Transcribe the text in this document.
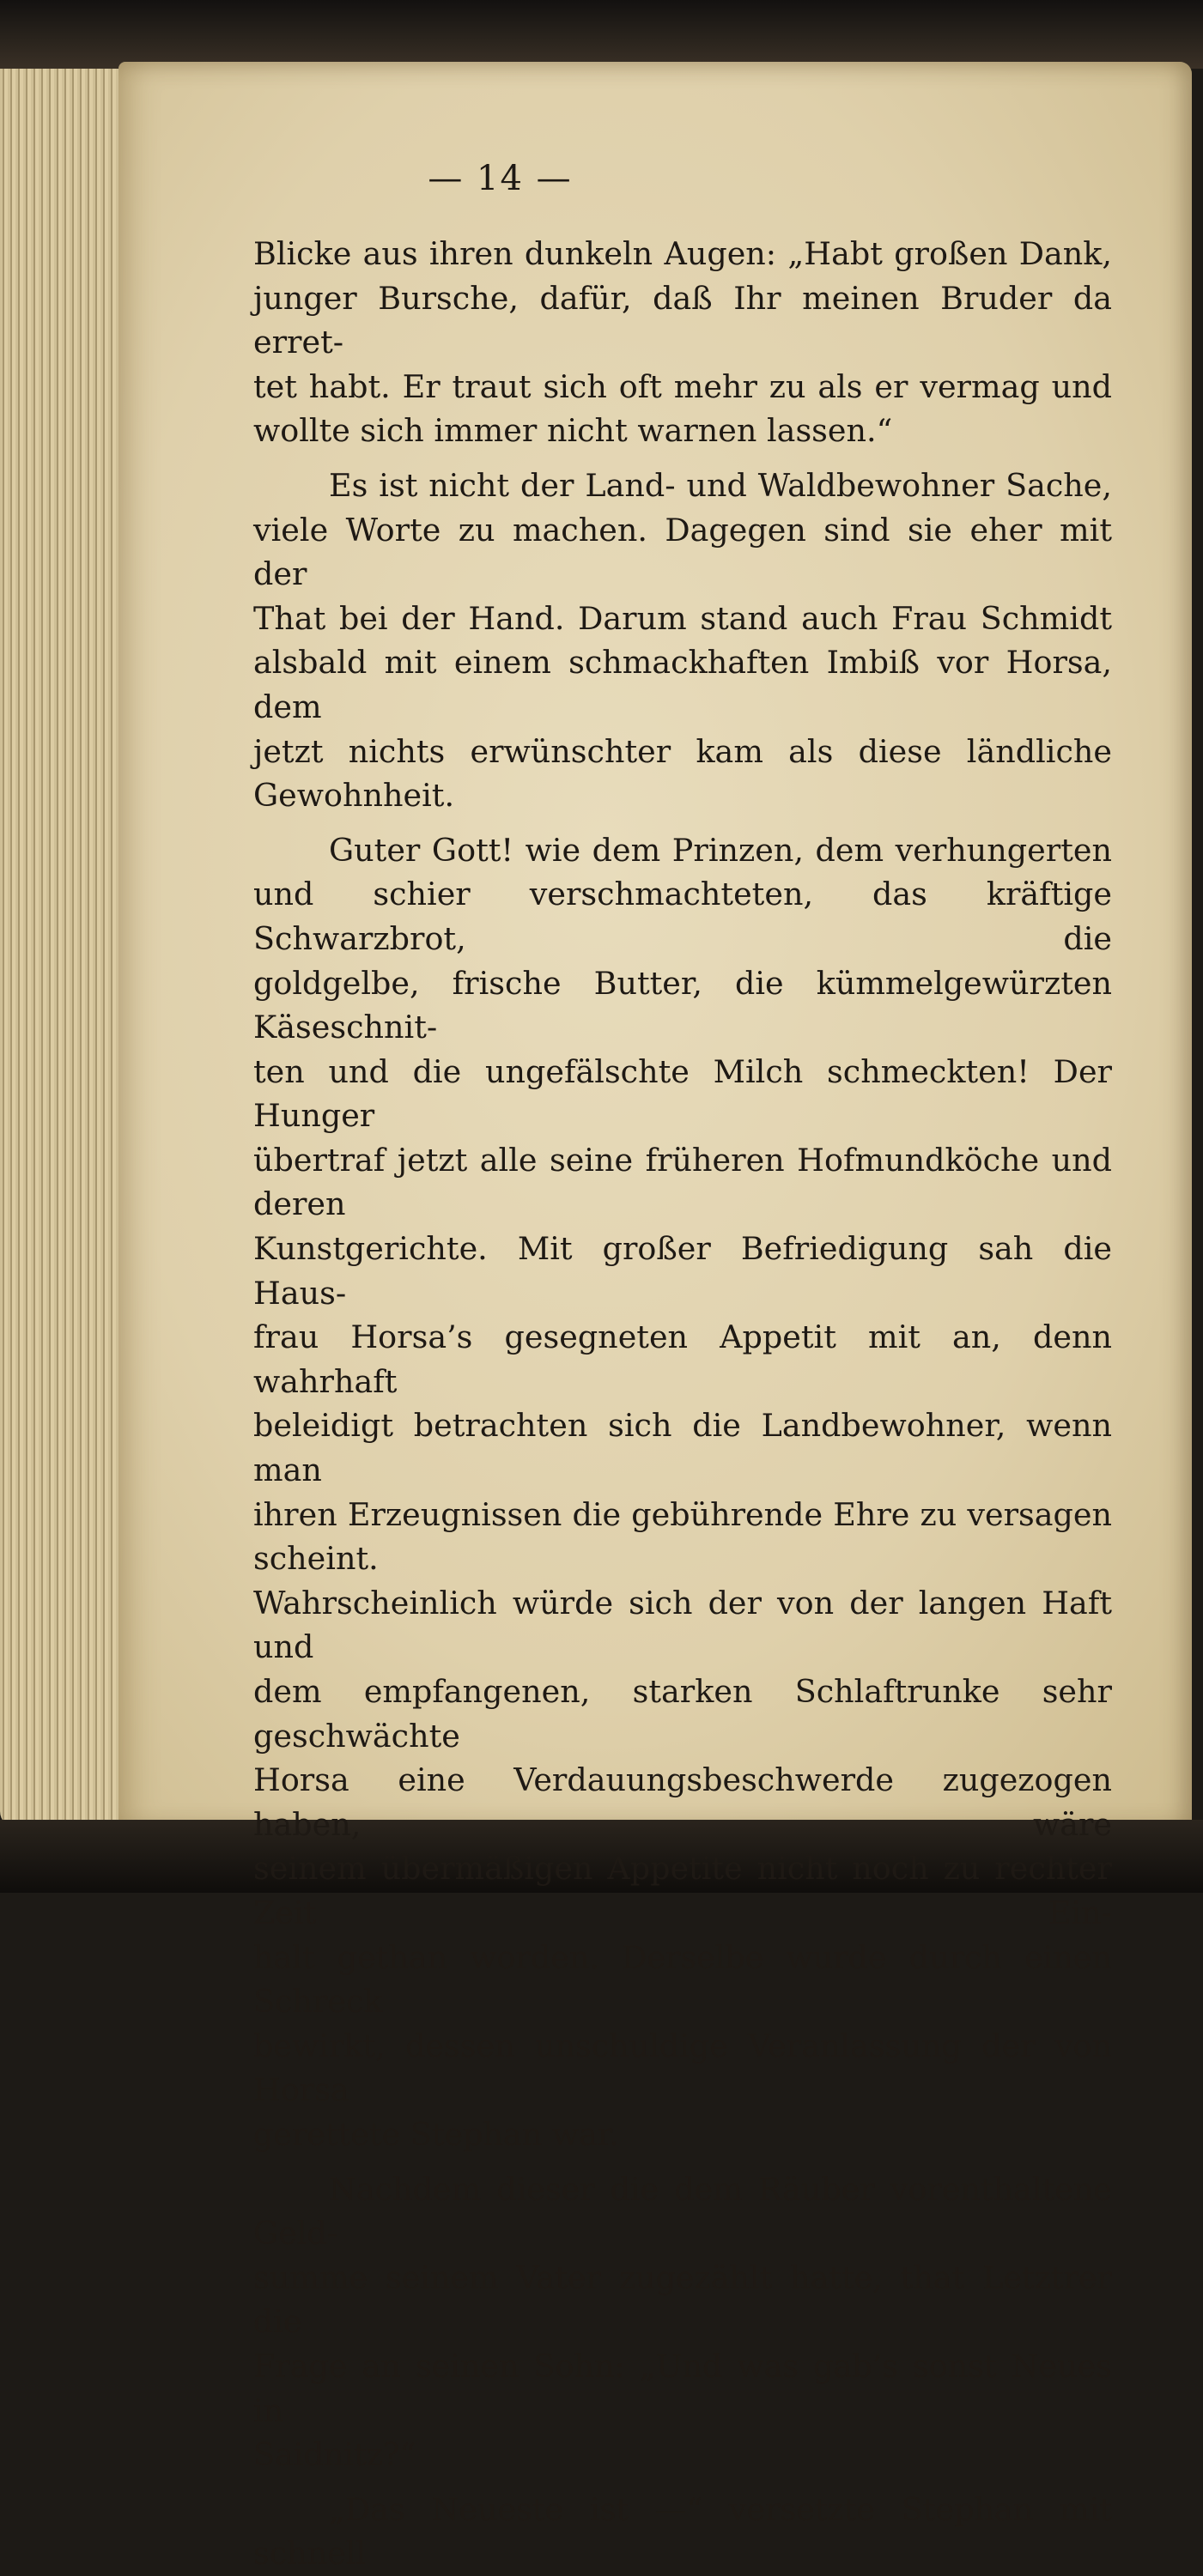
— 14 —

Blicke aus ihren dunkeln Augen: „Habt großen Dank,

junger Bursche, dafür, daß Ihr meinen Bruder da erret-

tet habt. Er traut sich oft mehr zu als er vermag und

wollte sich immer nicht warnen lassen.“

Es ist nicht der Land- und Waldbewohner Sache,

viele Worte zu machen. Dagegen sind sie eher mit der

That bei der Hand. Darum stand auch Frau Schmidt

alsbald mit einem schmackhaften Imbiß vor Horsa, dem

jetzt nichts erwünschter kam als diese ländliche Gewohnheit.

Guter Gott! wie dem Prinzen, dem verhungerten

und schier verschmachteten, das kräftige Schwarzbrot, die

goldgelbe, frische Butter, die kümmelgewürzten Käseschnit-

ten und die ungefälschte Milch schmeckten! Der Hunger

übertraf jetzt alle seine früheren Hofmundköche und deren

Kunstgerichte. Mit großer Befriedigung sah die Haus-

frau Horsa’s gesegneten Appetit mit an, denn wahrhaft

beleidigt betrachten sich die Landbewohner, wenn man

ihren Erzeugnissen die gebührende Ehre zu versagen scheint.

Wahrscheinlich würde sich der von der langen Haft und

dem empfangenen, starken Schlaftrunke sehr geschwächte

Horsa eine Verdauungsbeschwerde zugezogen haben, wäre

seinem übermäßigen Appetite nicht noch zu rechter Zeit Ein-

halt gethan worden. Derselbe wurde durch einen Schreck

bewirkt, dessen unschuldige Veranlassung der von Horsa

gerettete Stephan war.

Nachdem dieser die dem Räuber vorenthaltene Geld-

summe seinem Vater zugezählt hatte, that Letztrer die

Frage an seinen Sohn: „Und was gab’s sonst Neues in

Saidnitz?“

„Das Neueste ist —“ versetzte Stephan mit schnell
